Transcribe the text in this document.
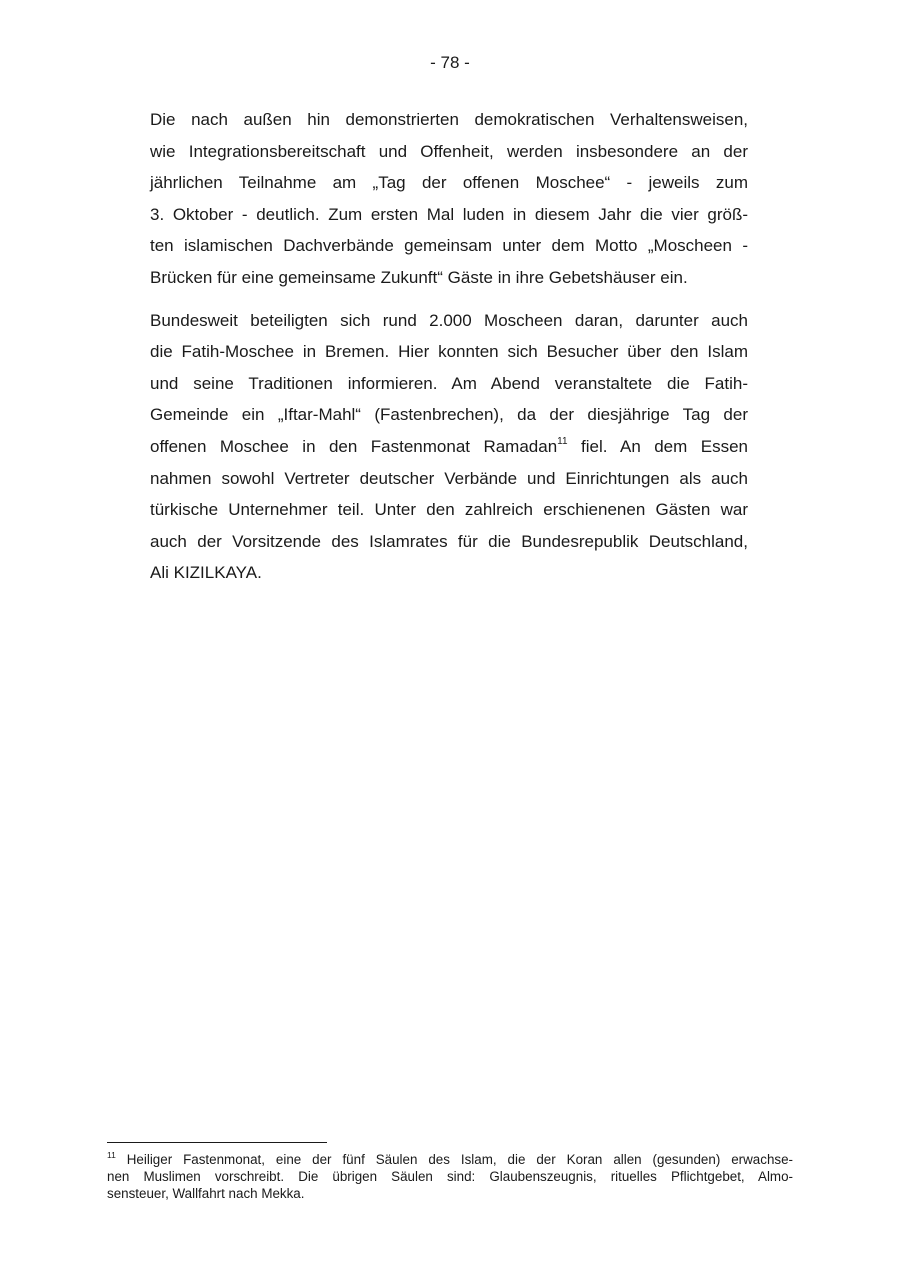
- 78 -

Die nach außen hin demonstrierten demokratischen Verhaltensweisen,
wie Integrationsbereitschaft und Offenheit, werden insbesondere an der
jährlichen Teilnahme am „Tag der offenen Moschee“ - jeweils zum
3. Oktober - deutlich. Zum ersten Mal luden in diesem Jahr die vier größ-
ten islamischen Dachverbände gemeinsam unter dem Motto „Moscheen -
Brücken für eine gemeinsame Zukunft“ Gäste in ihre Gebetshäuser ein.

Bundesweit beteiligten sich rund 2.000 Moscheen daran, darunter auch
die Fatih-Moschee in Bremen. Hier konnten sich Besucher über den Islam
und seine Traditionen informieren. Am Abend veranstaltete die Fatih-
Gemeinde ein „Iftar-Mahl“ (Fastenbrechen), da der diesjährige Tag der
offenen Moschee in den Fastenmonat Ramadan$^{11}$ fiel. An dem Essen
nahmen sowohl Vertreter deutscher Verbände und Einrichtungen als auch
türkische Unternehmer teil. Unter den zahlreich erschienenen Gästen war
auch der Vorsitzende des Islamrates für die Bundesrepublik Deutschland,
Ali KIZILKAYA.

$^{11}$ Heiliger Fastenmonat, eine der fünf Säulen des Islam, die der Koran allen (gesunden) erwachse-
nen Muslimen vorschreibt. Die übrigen Säulen sind: Glaubenszeugnis, rituelles Pflichtgebet, Almo-
sensteuer, Wallfahrt nach Mekka.
